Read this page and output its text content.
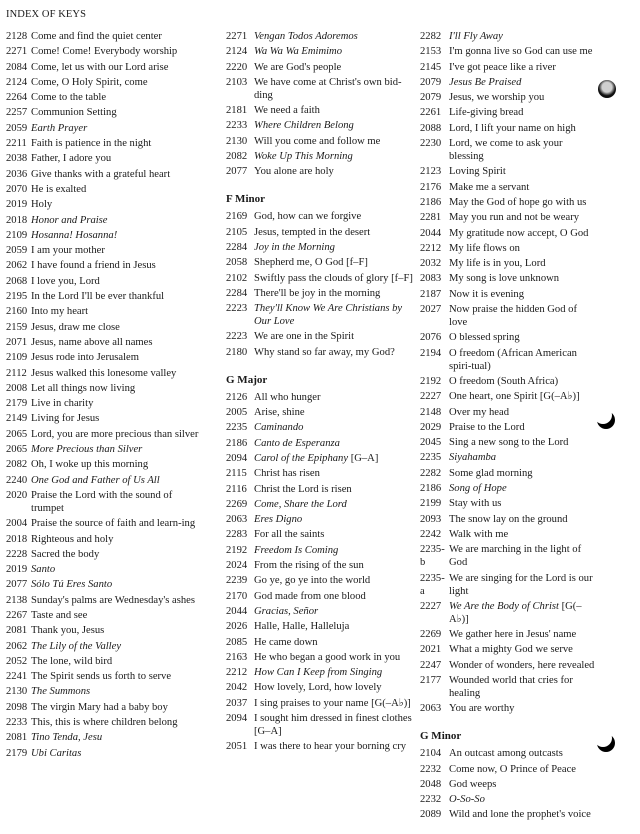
INDEX OF KEYS
2128 Come and find the quiet center
2271 Come! Come! Everybody worship
2084 Come, let us with our Lord arise
2124 Come, O Holy Spirit, come
2264 Come to the table
2257 Communion Setting
2059 Earth Prayer
2211 Faith is patience in the night
2038 Father, I adore you
2036 Give thanks with a grateful heart
2070 He is exalted
2019 Holy
2018 Honor and Praise
2109 Hosanna! Hosanna!
2059 I am your mother
2062 I have found a friend in Jesus
2068 I love you, Lord
2195 In the Lord I'll be ever thankful
2160 Into my heart
2159 Jesus, draw me close
2071 Jesus, name above all names
2109 Jesus rode into Jerusalem
2112 Jesus walked this lonesome valley
2008 Let all things now living
2179 Live in charity
2149 Living for Jesus
2065 Lord, you are more precious than silver
2065 More Precious than Silver
2082 Oh, I woke up this morning
2240 One God and Father of Us All
2020 Praise the Lord with the sound of trumpet
2004 Praise the source of faith and learn-ing
2018 Righteous and holy
2228 Sacred the body
2019 Santo
2077 Sólo Tú Eres Santo
2138 Sunday's palms are Wednesday's ashes
2267 Taste and see
2081 Thank you, Jesus
2062 The Lily of the Valley
2052 The lone, wild bird
2241 The Spirit sends us forth to serve
2130 The Summons
2098 The virgin Mary had a baby boy
2233 This, this is where children belong
2081 Tino Tenda, Jesu
2179 Ubi Caritas
2271 Vengan Todos Adoremos
2124 Wa Wa Wa Emimimo
2220 We are God's people
2103 We have come at Christ's own bid-ding
2181 We need a faith
2233 Where Children Belong
2130 Will you come and follow me
2082 Woke Up This Morning
2077 You alone are holy
F Minor
2169 God, how can we forgive
2105 Jesus, tempted in the desert
2284 Joy in the Morning
2058 Shepherd me, O God [f–F]
2102 Swiftly pass the clouds of glory [f–F]
2284 There'll be joy in the morning
2223 They'll Know We Are Christians by Our Love
2223 We are one in the Spirit
2180 Why stand so far away, my God?
G Major
2126 All who hunger
2005 Arise, shine
2235 Caminando
2186 Canto de Esperanza
2094 Carol of the Epiphany [G–A]
2115 Christ has risen
2116 Christ the Lord is risen
2269 Come, Share the Lord
2063 Eres Digno
2283 For all the saints
2192 Freedom Is Coming
2024 From the rising of the sun
2239 Go ye, go ye into the world
2170 God made from one blood
2044 Gracias, Señor
2026 Halle, Halle, Halleluja
2085 He came down
2163 He who began a good work in you
2212 How Can I Keep from Singing
2042 How lovely, Lord, how lovely
2037 I sing praises to your name [G(–A♭)]
2094 I sought him dressed in finest clothes [G–A]
2051 I was there to hear your borning cry
2282 I'll Fly Away
2153 I'm gonna live so God can use me
2145 I've got peace like a river
2079 Jesus Be Praised
2079 Jesus, we worship you
2261 Life-giving bread
2088 Lord, I lift your name on high
2230 Lord, we come to ask your blessing
2123 Loving Spirit
2176 Make me a servant
2186 May the God of hope go with us
2281 May you run and not be weary
2044 My gratitude now accept, O God
2212 My life flows on
2032 My life is in you, Lord
2083 My song is love unknown
2187 Now it is evening
2027 Now praise the hidden God of love
2076 O blessed spring
2194 O freedom (African American spiri-tual)
2192 O freedom (South Africa)
2227 One heart, one Spirit [G(–A♭)]
2148 Over my head
2029 Praise to the Lord
2045 Sing a new song to the Lord
2235 Siyahamba
2282 Some glad morning
2186 Song of Hope
2199 Stay with us
2093 The snow lay on the ground
2242 Walk with me
2235-b
We are marching in the light of God
2235-a
We are singing for the Lord is our light
2227 We Are the Body of Christ [G(–A♭)]
2269 We gather here in Jesus' name
2021 What a mighty God we serve
2247 Wonder of wonders, here revealed
2177 Wounded world that cries for healing
2063 You are worthy
G Minor
2104 An outcast among outcasts
2232 Come now, O Prince of Peace
2048 God weeps
2232 O-So-So
2089 Wild and lone the prophet's voice
